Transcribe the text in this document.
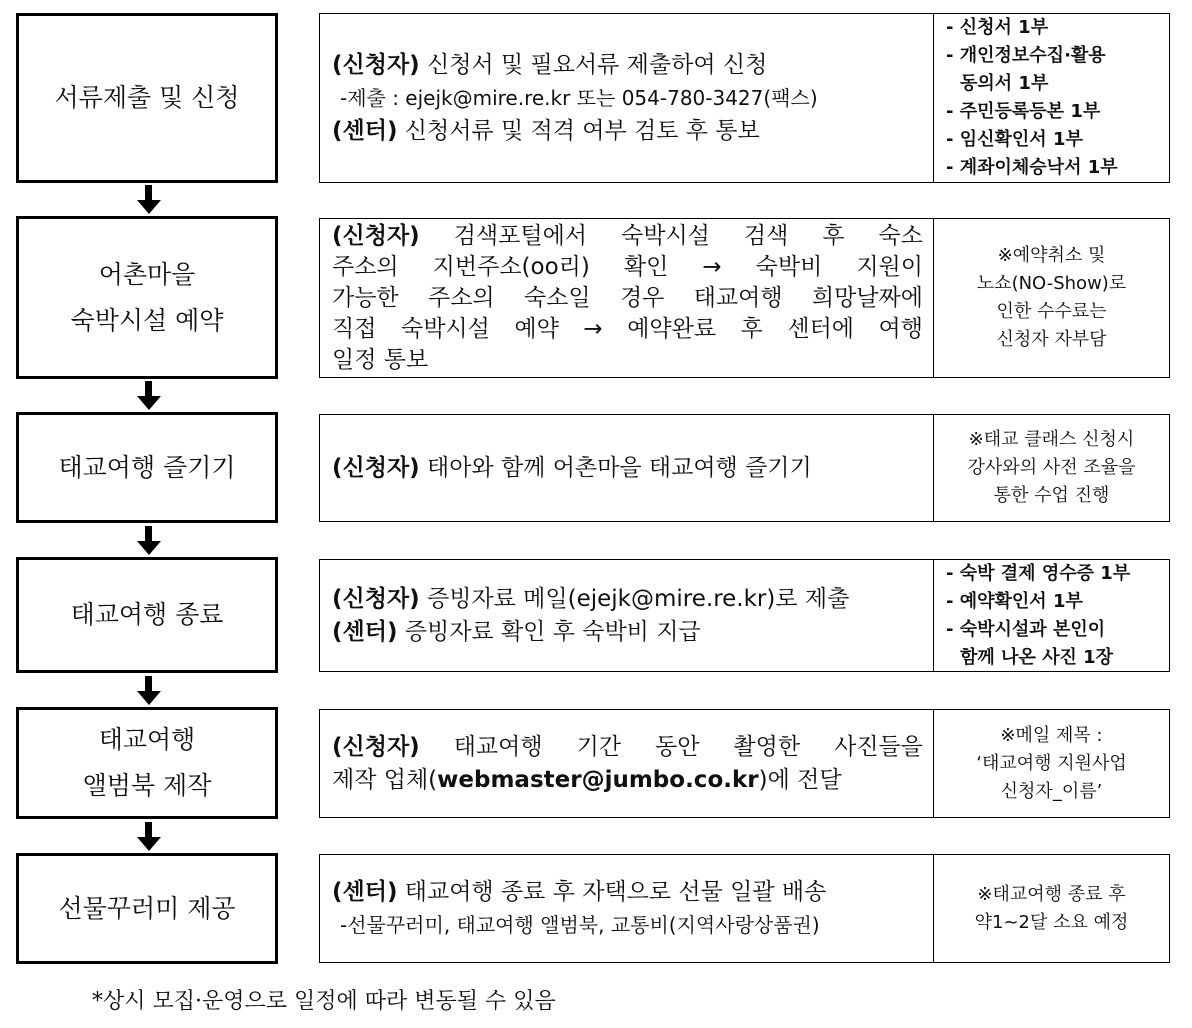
서류제출 및 신청
(신청자) 신청서 및 필요서류 제출하여 신청
-제출 : ejejk@mire.re.kr 또는 054-780-3427(팩스)
(센터) 신청서류 및 적격 여부 검토 후 통보
- 신청서 1부
- 개인정보수집·활용
동의서 1부
- 주민등록등본 1부
- 임신확인서 1부
- 계좌이체승낙서 1부
어촌마을
숙박시설 예약
(신청자) 검색포털에서 숙박시설 검색 후 숙소
주소의 지번주소(oo리) 확인 → 숙박비 지원이
가능한 주소의 숙소일 경우 태교여행 희망날짜에
직접 숙박시설 예약 → 예약완료 후 센터에 여행
일정 통보
※예약취소 및
노쇼(NO-Show)로
인한 수수료는
신청자 자부담
태교여행 즐기기	(신청자) 태아와 함께 어촌마을 태교여행 즐기기
※태교 클래스 신청시
강사와의 사전 조율을
통한 수업 진행
태교여행 종료
(신청자) 증빙자료 메일(ejejk@mire.re.kr)로 제출
(센터) 증빙자료 확인 후 숙박비 지급
- 숙박 결제 영수증 1부
- 예약확인서 1부
- 숙박시설과 본인이
함께 나온 사진 1장
태교여행
앨범북 제작
(신청자) 태교여행 기간 동안 촬영한 사진들을
제작 업체(webmaster@jumbo.co.kr)에 전달
※메일 제목 :
‘태교여행 지원사업
신청자_이름’
선물꾸러미 제공
(센터) 태교여행 종료 후 자택으로 선물 일괄 배송
-선물꾸러미, 태교여행 앨범북, 교통비(지역사랑상품권)
※태교여행 종료 후
약1~2달 소요 예정
*상시 모집·운영으로 일정에 따라 변동될 수 있음
